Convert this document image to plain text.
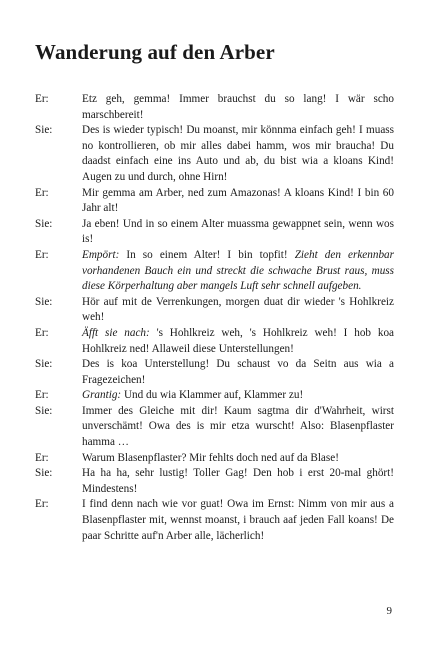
Wanderung auf den Arber
Er:	Etz geh, gemma! Immer brauchst du so lang! I wär scho marschbereit!
Sie:	Des is wieder typisch! Du moanst, mir könnma einfach geh! I muass no kontrollieren, ob mir alles dabei hamm, wos mir braucha! Du daadst einfach eine ins Auto und ab, du bist wia a kloans Kind! Augen zu und durch, ohne Hirn!
Er:	Mir gemma am Arber, ned zum Amazonas! A kloans Kind! I bin 60 Jahr alt!
Sie:	Ja eben! Und in so einem Alter muassma gewappnet sein, wenn wos is!
Er:	Empört: In so einem Alter! I bin topfit! Zieht den erkennbar vorhandenen Bauch ein und streckt die schwache Brust raus, muss diese Körperhaltung aber mangels Luft sehr schnell aufgeben.
Sie:	Hör auf mit de Verrenkungen, morgen duat dir wieder 's Hohlkreiz weh!
Er:	Äfft sie nach: 's Hohlkreiz weh, 's Hohlkreiz weh! I hob koa Hohlkreiz ned! Allaweil diese Unterstellungen!
Sie:	Des is koa Unterstellung! Du schaust vo da Seitn aus wia a Fragezeichen!
Er:	Grantig: Und du wia Klammer auf, Klammer zu!
Sie:	Immer des Gleiche mit dir! Kaum sagtma dir d'Wahrheit, wirst unverschämt! Owa des is mir etza wurscht! Also: Blasenpflaster hamma …
Er:	Warum Blasenpflaster? Mir fehlts doch ned auf da Blase!
Sie:	Ha ha ha, sehr lustig! Toller Gag! Den hob i erst 20-mal ghört! Mindestens!
Er:	I find denn nach wie vor guat! Owa im Ernst: Nimm von mir aus a Blasenpflaster mit, wennst moanst, i brauch aaf jeden Fall koans! De paar Schritte auf'n Arber alle, lächerlich!
9
